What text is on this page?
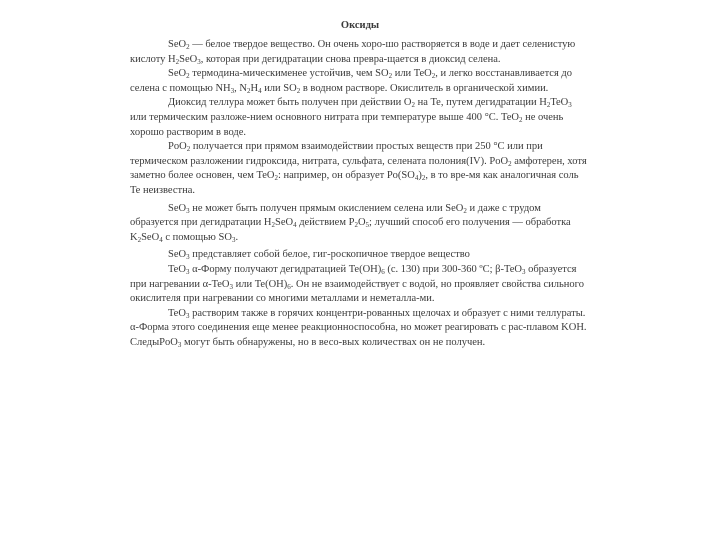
Оксиды

SeO$_2$ — белое твердое вещество. Он очень хоро-шо растворяется в воде и дает селенистую кислоту $H_2SeO_3$, которая при дегидратации снова превра-щается в диоксид селена.

SeO$_2$ термодина-мическименее устойчив, чем $SO_2$ или TeO$_2$, и легко восстанавливается до селена с помощью $NH_3$, $N_2H_4$ или $SO_2$ в водном растворе. Окислитель в органической химии.

Диоксид теллура может быть получен при действии $O_2$ на Te, путем дегидратации $H_2TeO_3$ или термическим разложе-нием основного нитрата при температуре выше 400 °С. TeO$_2$ не очень хорошо растворим в воде.

PoO$_2$ получается при прямом взаимодействии простых веществ при 250 °С или при термическом разложении гидроксида, нитрата, сульфата, селената полония(IV). PoO$_2$ амфотерен, хотя заметно более основен, чем TeO$_2$: например, он образует $Po(SO_4)_2$, в то вре-мя как аналогичная соль Te неизвестна.

SeO$_3$ не может быть получен прямым окислением селена или SeO$_2$ и даже с трудом образуется при дегидратации $H_2SeO_4$ действием $P_2O_5$; лучший способ его получения — обработка $K_2SeO_4$ с помощью $SO_3$.

SeO$_3$ представляет собой белое, гиг-роскопичное твердое вещество

TeO$_3$ α-Форму получают дегидратацией $Te(OH)_6$ (с. 130) при 300-360 ºС; β-TeO$_3$ образуется при нагревании α-TeO$_3$ или $Te(OH)_6$. Он не взаимодействует с водой, но проявляет свойства сильного окислителя при нагревании со многими металлами и неметалла-ми.

TeO$_3$ растворим также в горячих концентри-рованных щелочах и образует с ними теллураты. α-Форма этого соединения еще менее реакционноспособна, но может реагировать с рас-плавом KOH. СледыPoO$_3$ могут быть обнаружены, но в весо-вых количествах он не получен.
